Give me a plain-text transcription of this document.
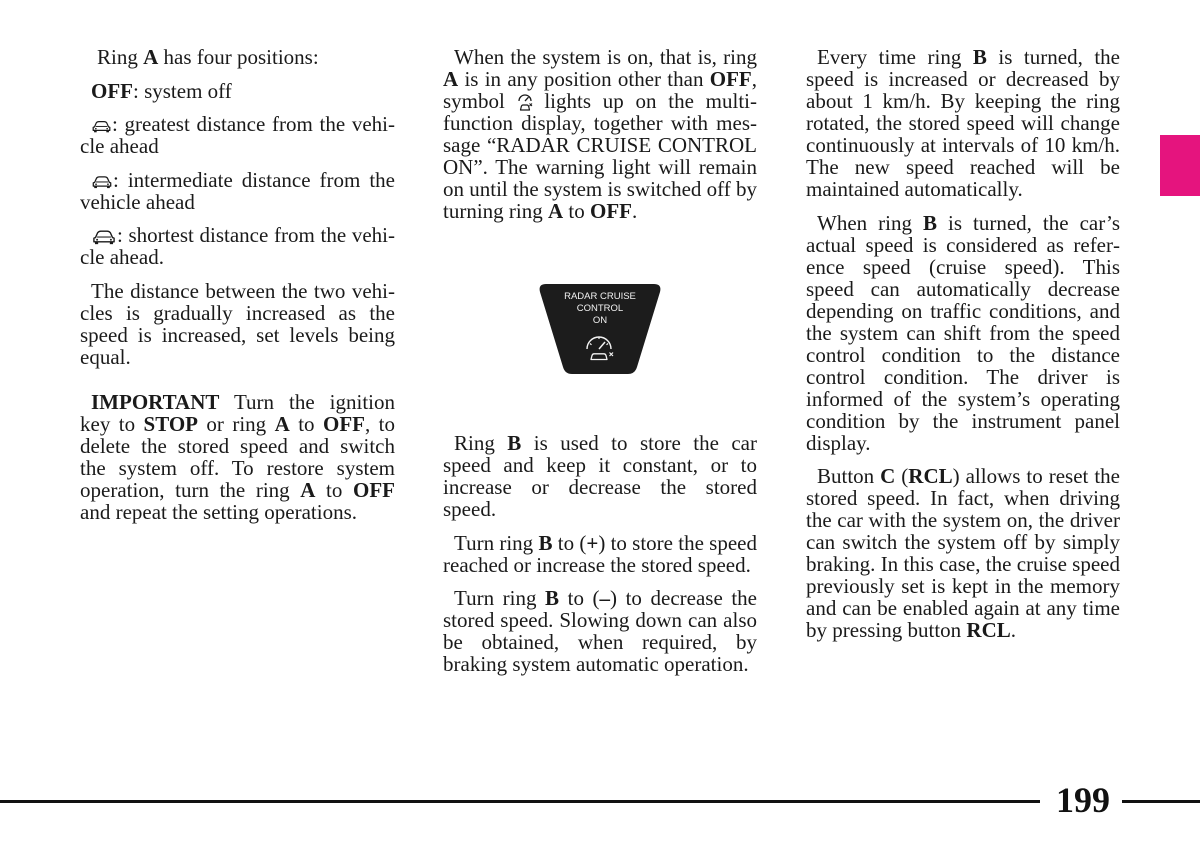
Ring A has four positions:

OFF: system off

: greatest distance from the vehicle ahead

: intermediate distance from the vehicle ahead

: shortest distance from the vehicle ahead.

The distance between the two vehicles is gradually increased as the speed is increased, set levels being equal.

IMPORTANT Turn the ignition key to STOP or ring A to OFF, to delete the stored speed and switch the system off. To restore system operation, turn the ring A to OFF and repeat the setting operations.

When the system is on, that is, ring A is in any position other than OFF, symbol  lights up on the multifunction display, together with message “RADAR CRUISE CONTROL ON”. The warning light will remain on until the system is switched off by turning ring A to OFF.

RADAR CRUISE
CONTROL
ON

Ring B is used to store the car speed and keep it constant, or to increase or decrease the stored speed.

Turn ring B to (+) to store the speed reached or increase the stored speed.

Turn ring B to (–) to decrease the stored speed. Slowing down can also be obtained, when required, by braking system automatic operation.

Every time ring B is turned, the speed is increased or decreased by about 1 km/h. By keeping the ring rotated, the stored speed will change continuously at intervals of 10 km/h. The new speed reached will be maintained automatically.

When ring B is turned, the car’s actual speed is considered as reference speed (cruise speed). This speed can automatically decrease depending on traffic conditions, and the system can shift from the speed control condition to the distance control condition. The driver is informed of the system’s operating condition by the instrument panel display.

Button C (RCL) allows to reset the stored speed. In fact, when driving the car with the system on, the driver can switch the system off by simply braking. In this case, the cruise speed previously set is kept in the memory and can be enabled again at any time by pressing button RCL.

199
